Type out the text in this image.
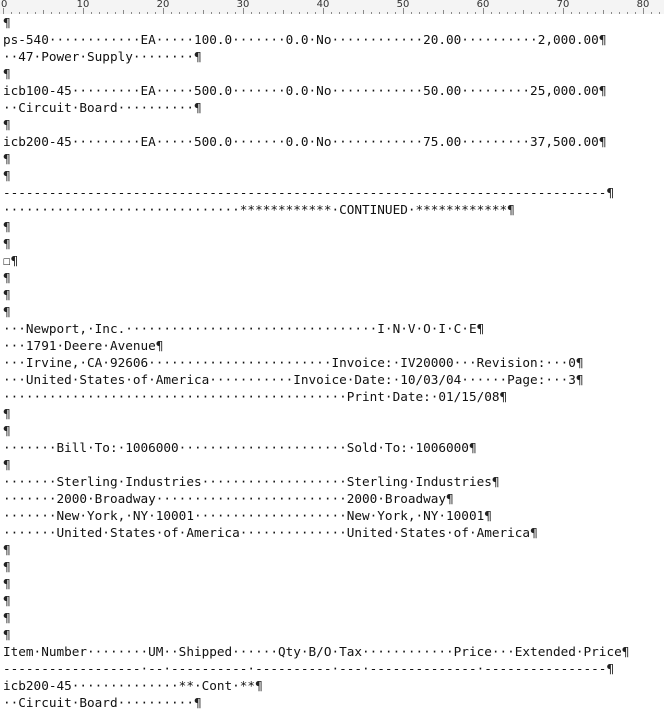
0	10	20	30	40	50	60	70	80
¶
ps-540············EA·····100.0·······0.0·No············20.00··········2,000.00¶
··47·Power·Supply········¶
¶
icb100-45·········EA·····500.0·······0.0·No············50.00·········25,000.00¶
··Circuit·Board··········¶
¶
icb200-45·········EA·····500.0·······0.0·No············75.00·········37,500.00¶
¶
¶
-------------------------------------------------------------------------------¶
·······························************·CONTINUED·************¶
¶
¶
☐¶
¶
¶
¶
···Newport,·Inc.·································I·N·V·O·I·C·E¶
···1791·Deere·Avenue¶
···Irvine,·CA·92606························Invoice:·IV20000···Revision:···0¶
···United·States·of·America···········Invoice·Date:·10/03/04······Page:···3¶
·············································Print·Date:·01/15/08¶
¶
¶
·······Bill·To:·1006000······················Sold·To:·1006000¶
¶
·······Sterling·Industries···················Sterling·Industries¶
·······2000·Broadway·························2000·Broadway¶
·······New·York,·NY·10001····················New·York,·NY·10001¶
·······United·States·of·America··············United·States·of·America¶
¶
¶
¶
¶
¶
¶
Item·Number········UM··Shipped······Qty·B/O·Tax············Price···Extended·Price¶
------------------·--·----------·----------·---·--------------·----------------¶
icb200-45··············**·Cont·**¶
··Circuit·Board··········¶
